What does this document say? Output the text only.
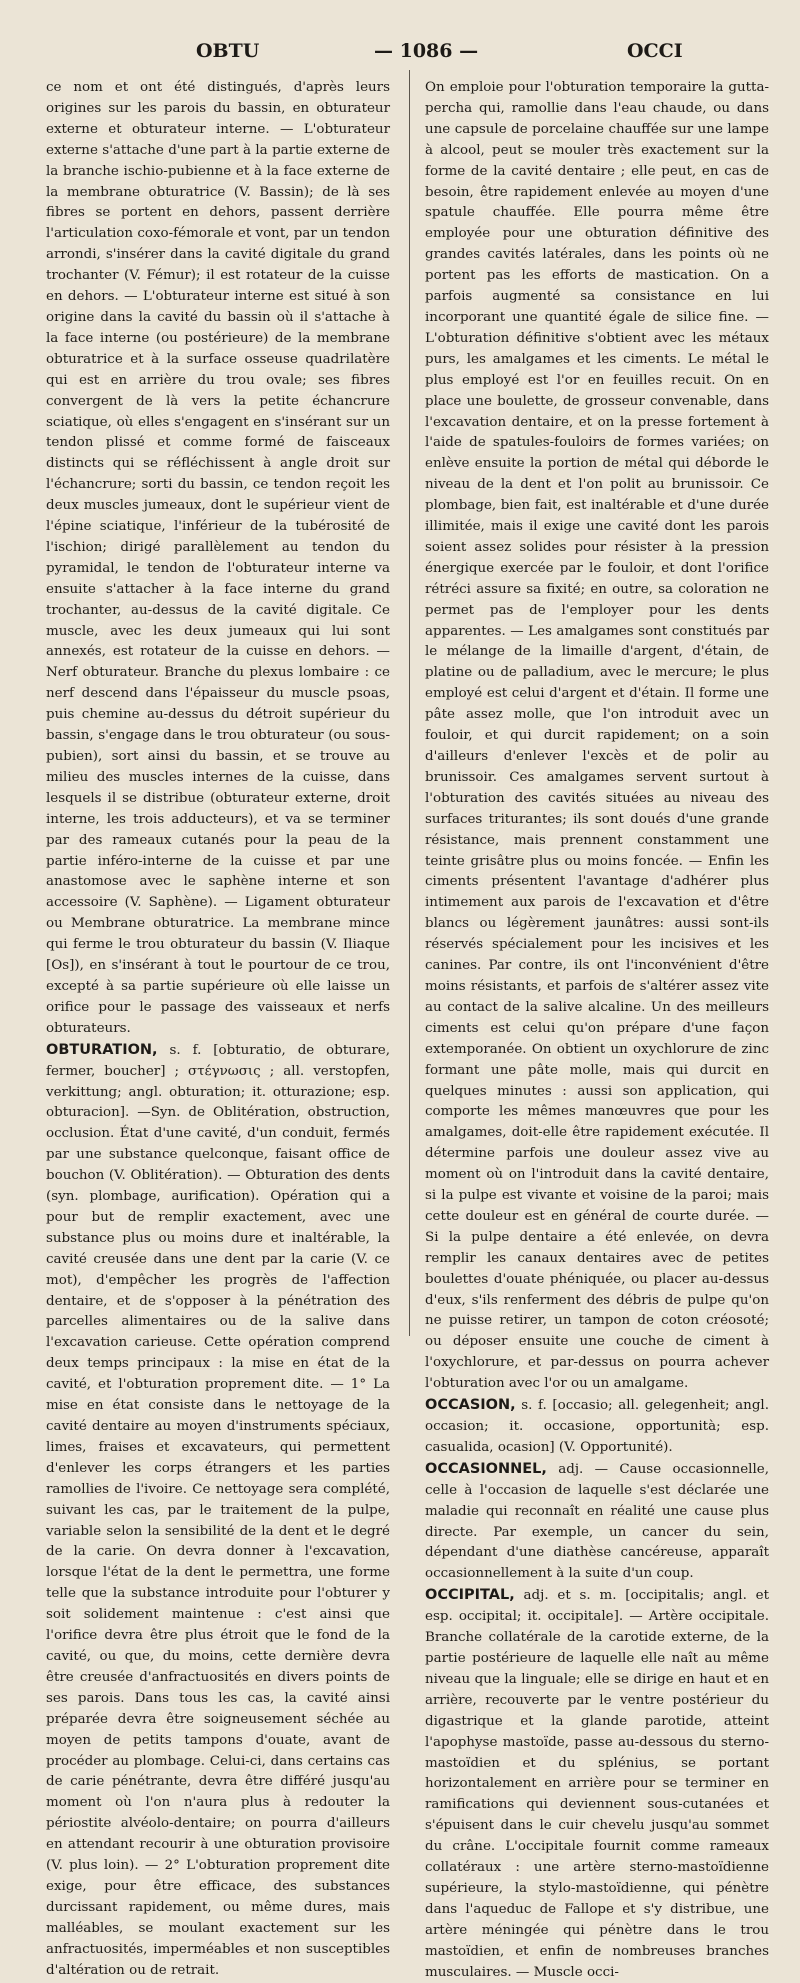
OBTU	— 1086 —	OCCI

ce nom et ont été distingués, d'après leurs origines sur les parois du bassin, en obturateur externe et obturateur interne. — L'obturateur externe s'attache d'une part à la partie externe de la branche ischio-pubienne et à la face externe de la membrane obturatrice (V. Bassin); de là ses fibres se portent en dehors, passent derrière l'articulation coxo-fémorale et vont, par un tendon arrondi, s'insérer dans la cavité digitale du grand trochanter (V. Fémur); il est rotateur de la cuisse en dehors. — L'obturateur interne est situé à son origine dans la cavité du bassin où il s'attache à la face interne (ou postérieure) de la membrane obturatrice et à la surface osseuse quadrilatère qui est en arrière du trou ovale; ses fibres convergent de là vers la petite échancrure sciatique, où elles s'engagent en s'insérant sur un tendon plissé et comme formé de faisceaux distincts qui se réfléchissent à angle droit sur l'échancrure; sorti du bassin, ce tendon reçoit les deux muscles jumeaux, dont le supérieur vient de l'épine sciatique, l'inférieur de la tubérosité de l'ischion; dirigé parallèlement au tendon du pyramidal, le tendon de l'obturateur interne va ensuite s'attacher à la face interne du grand trochanter, au-dessus de la cavité digitale. Ce muscle, avec les deux jumeaux qui lui sont annexés, est rotateur de la cuisse en dehors. — Nerf obturateur. Branche du plexus lombaire : ce nerf descend dans l'épaisseur du muscle psoas, puis chemine au-dessus du détroit supérieur du bassin, s'engage dans le trou obturateur (ou sous-pubien), sort ainsi du bassin, et se trouve au milieu des muscles internes de la cuisse, dans lesquels il se distribue (obturateur externe, droit interne, les trois adducteurs), et va se terminer par des rameaux cutanés pour la peau de la partie inféro-interne de la cuisse et par une anastomose avec le saphène interne et son accessoire (V. Saphène). — Ligament obturateur ou Membrane obturatrice. La membrane mince qui ferme le trou obturateur du bassin (V. Iliaque [Os]), en s'insérant à tout le pourtour de ce trou, excepté à sa partie supérieure où elle laisse un orifice pour le passage des vaisseaux et nerfs obturateurs.

OBTURATION, s. f. [obturatio, de obturare, fermer, boucher] ; στέγνωσις ; all. verstopfen, verkittung; angl. obturation; it. otturazione; esp. obturacion]. —Syn. de Oblitération, obstruction, occlusion. État d'une cavité, d'un conduit, fermés par une substance quelconque, faisant office de bouchon (V. Oblitération). — Obturation des dents (syn. plombage, aurification). Opération qui a pour but de remplir exactement, avec une substance plus ou moins dure et inaltérable, la cavité creusée dans une dent par la carie (V. ce mot), d'empêcher les progrès de l'affection dentaire, et de s'opposer à la pénétration des parcelles alimentaires ou de la salive dans l'excavation carieuse. Cette opération comprend deux temps principaux : la mise en état de la cavité, et l'obturation proprement dite. — 1° La mise en état consiste dans le nettoyage de la cavité dentaire au moyen d'instruments spéciaux, limes, fraises et excavateurs, qui permettent d'enlever les corps étrangers et les parties ramollies de l'ivoire. Ce nettoyage sera complété, suivant les cas, par le traitement de la pulpe, variable selon la sensibilité de la dent et le degré de la carie. On devra donner à l'excavation, lorsque l'état de la dent le permettra, une forme telle que la substance introduite pour l'obturer y soit solidement maintenue : c'est ainsi que l'orifice devra être plus étroit que le fond de la cavité, ou que, du moins, cette dernière devra être creusée d'anfractuosités en divers points de ses parois. Dans tous les cas, la cavité ainsi préparée devra être soigneusement séchée au moyen de petits tampons d'ouate, avant de procéder au plombage. Celui-ci, dans certains cas de carie pénétrante, devra être différé jusqu'au moment où l'on n'aura plus à redouter la périostite alvéolo-dentaire; on pourra d'ailleurs en attendant recourir à une obturation provisoire (V. plus loin). — 2° L'obturation proprement dite exige, pour être efficace, des substances durcissant rapidement, ou même dures, mais malléables, se moulant exactement sur les anfractuosités, imperméables et non susceptibles d'altération ou de retrait.

On emploie pour l'obturation temporaire la gutta-percha qui, ramollie dans l'eau chaude, ou dans une capsule de porcelaine chauffée sur une lampe à alcool, peut se mouler très exactement sur la forme de la cavité dentaire ; elle peut, en cas de besoin, être rapidement enlevée au moyen d'une spatule chauffée. Elle pourra même être employée pour une obturation définitive des grandes cavités latérales, dans les points où ne portent pas les efforts de mastication. On a parfois augmenté sa consistance en lui incorporant une quantité égale de silice fine. — L'obturation définitive s'obtient avec les métaux purs, les amalgames et les ciments. Le métal le plus employé est l'or en feuilles recuit. On en place une boulette, de grosseur convenable, dans l'excavation dentaire, et on la presse fortement à l'aide de spatules-fouloirs de formes variées; on enlève ensuite la portion de métal qui déborde le niveau de la dent et l'on polit au brunissoir. Ce plombage, bien fait, est inaltérable et d'une durée illimitée, mais il exige une cavité dont les parois soient assez solides pour résister à la pression énergique exercée par le fouloir, et dont l'orifice rétréci assure sa fixité; en outre, sa coloration ne permet pas de l'employer pour les dents apparentes. — Les amalgames sont constitués par le mélange de la limaille d'argent, d'étain, de platine ou de palladium, avec le mercure; le plus employé est celui d'argent et d'étain. Il forme une pâte assez molle, que l'on introduit avec un fouloir, et qui durcit rapidement; on a soin d'ailleurs d'enlever l'excès et de polir au brunissoir. Ces amalgames servent surtout à l'obturation des cavités situées au niveau des surfaces triturantes; ils sont doués d'une grande résistance, mais prennent constamment une teinte grisâtre plus ou moins foncée. — Enfin les ciments présentent l'avantage d'adhérer plus intimement aux parois de l'excavation et d'être blancs ou légèrement jaunâtres: aussi sont-ils réservés spécialement pour les incisives et les canines. Par contre, ils ont l'inconvénient d'être moins résistants, et parfois de s'altérer assez vite au contact de la salive alcaline. Un des meilleurs ciments est celui qu'on prépare d'une façon extemporanée. On obtient un oxychlorure de zinc formant une pâte molle, mais qui durcit en quelques minutes : aussi son application, qui comporte les mêmes manœuvres que pour les amalgames, doit-elle être rapidement exécutée. Il détermine parfois une douleur assez vive au moment où on l'introduit dans la cavité dentaire, si la pulpe est vivante et voisine de la paroi; mais cette douleur est en général de courte durée. — Si la pulpe dentaire a été enlevée, on devra remplir les canaux dentaires avec de petites boulettes d'ouate phéniquée, ou placer au-dessus d'eux, s'ils renferment des débris de pulpe qu'on ne puisse retirer, un tampon de coton créosoté; ou déposer ensuite une couche de ciment à l'oxychlorure, et par-dessus on pourra achever l'obturation avec l'or ou un amalgame.

OCCASION, s. f. [occasio; all. gelegenheit; angl. occasion; it. occasione, opportunità; esp. casualida, ocasion] (V. Opportunité).

OCCASIONNEL, adj. — Cause occasionnelle, celle à l'occasion de laquelle s'est déclarée une maladie qui reconnaît en réalité une cause plus directe. Par exemple, un cancer du sein, dépendant d'une diathèse cancéreuse, apparaît occasionnellement à la suite d'un coup.

OCCIPITAL, adj. et s. m. [occipitalis; angl. et esp. occipital; it. occipitale]. — Artère occipitale. Branche collatérale de la carotide externe, de la partie postérieure de laquelle elle naît au même niveau que la linguale; elle se dirige en haut et en arrière, recouverte par le ventre postérieur du digastrique et la glande parotide, atteint l'apophyse mastoïde, passe au-dessous du sterno-mastoïdien et du splénius, se portant horizontalement en arrière pour se terminer en ramifications qui deviennent sous-cutanées et s'épuisent dans le cuir chevelu jusqu'au sommet du crâne. L'occipitale fournit comme rameaux collatéraux : une artère sterno-mastoïdienne supérieure, la stylo-mastoïdienne, qui pénètre dans l'aqueduc de Fallope et s'y distribue, une artère méningée qui pénètre dans le trou mastoïdien, et enfin de nombreuses branches musculaires. — Muscle occi-
